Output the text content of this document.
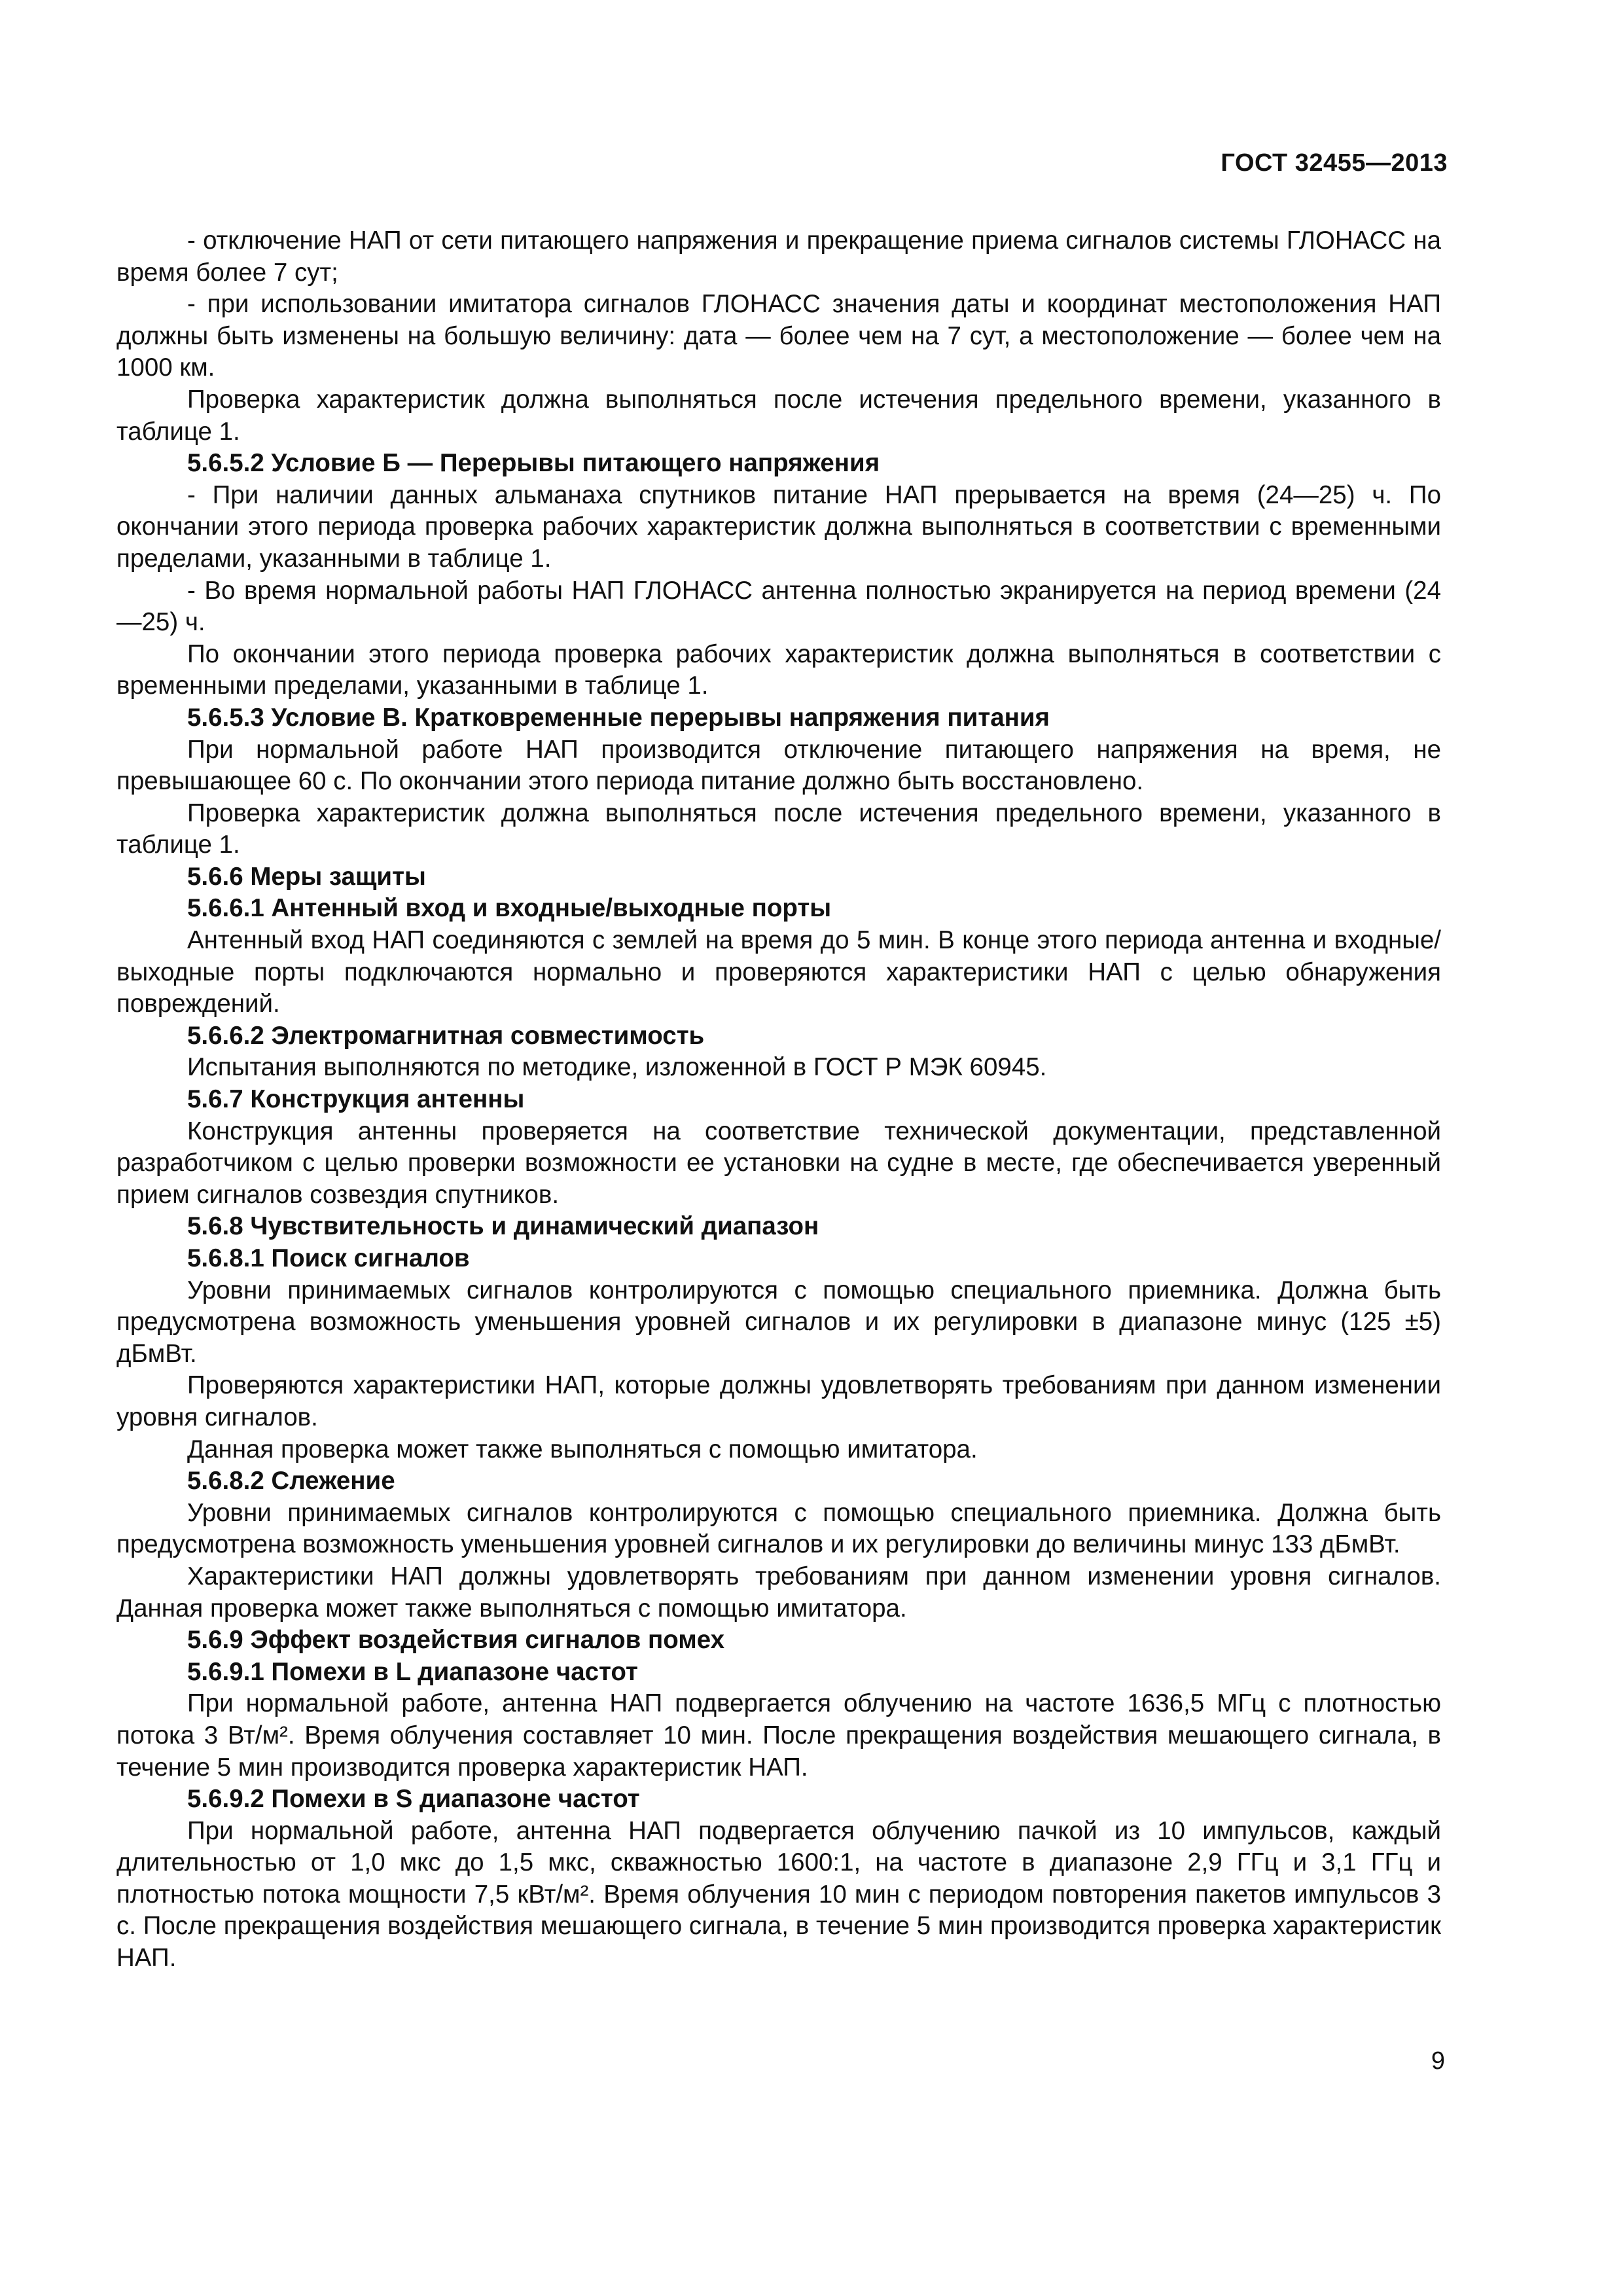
ГОСТ 32455—2013

- отключение НАП от сети питающего напряжения и прекращение приема сигналов системы ГЛОНАСС на время более 7 сут;

- при использовании имитатора сигналов ГЛОНАСС значения даты и координат местоположения НАП должны быть изменены на большую величину: дата — более чем на 7 сут, а местоположение — более чем на 1000 км.

Проверка характеристик должна выполняться после истечения предельного времени, указанного в таблице 1.

5.6.5.2 Условие Б — Перерывы питающего напряжения

- При наличии данных альманаха спутников питание НАП прерывается на время (24—25) ч. По окончании этого периода проверка рабочих характеристик должна выполняться в соответствии с временными пределами, указанными в таблице 1.

- Во время нормальной работы НАП ГЛОНАСС антенна полностью экранируется на период времени (24—25) ч.

По окончании этого периода проверка рабочих характеристик должна выполняться в соответствии с временными пределами, указанными в таблице 1.

5.6.5.3 Условие В. Кратковременные перерывы напряжения питания

При нормальной работе НАП производится отключение питающего напряжения на время, не превышающее 60 с. По окончании этого периода питание должно быть восстановлено.

Проверка характеристик должна выполняться после истечения предельного времени, указанного в таблице 1.

5.6.6 Меры защиты

5.6.6.1 Антенный вход и входные/выходные порты

Антенный вход НАП соединяются с землей на время до 5 мин. В конце этого периода антенна и входные/выходные порты подключаются нормально и проверяются характеристики НАП с целью обнаружения повреждений.

5.6.6.2 Электромагнитная совместимость

Испытания выполняются по методике, изложенной в ГОСТ Р МЭК 60945.

5.6.7 Конструкция антенны

Конструкция антенны проверяется на соответствие технической документации, представленной разработчиком с целью проверки возможности ее установки на судне в месте, где обеспечивается уверенный прием сигналов созвездия спутников.

5.6.8 Чувствительность и динамический диапазон

5.6.8.1 Поиск сигналов

Уровни принимаемых сигналов контролируются с помощью специального приемника. Должна быть предусмотрена возможность уменьшения уровней сигналов и их регулировки в диапазоне минус (125 ±5) дБмВт.

Проверяются характеристики НАП, которые должны удовлетворять требованиям при данном изменении уровня сигналов.

Данная проверка может также выполняться с помощью имитатора.

5.6.8.2 Слежение

Уровни принимаемых сигналов контролируются с помощью специального приемника. Должна быть предусмотрена возможность уменьшения уровней сигналов и их регулировки до величины минус 133 дБмВт.

Характеристики НАП должны удовлетворять требованиям при данном изменении уровня сигналов. Данная проверка может также выполняться с помощью имитатора.

5.6.9 Эффект воздействия сигналов помех

5.6.9.1 Помехи в L диапазоне частот

При нормальной работе, антенна НАП подвергается облучению на частоте 1636,5 МГц с плотностью потока 3 Вт/м². Время облучения составляет 10 мин. После прекращения воздействия мешающего сигнала, в течение 5 мин производится проверка характеристик НАП.

5.6.9.2 Помехи в S диапазоне частот

При нормальной работе, антенна НАП подвергается облучению пачкой из 10 импульсов, каждый длительностью от 1,0 мкс до 1,5 мкс, скважностью 1600:1, на частоте в диапазоне 2,9 ГГц и 3,1 ГГц и плотностью потока мощности 7,5 кВт/м². Время облучения 10 мин с периодом повторения пакетов импульсов 3 с. После прекращения воздействия мешающего сигнала, в течение 5 мин производится проверка характеристик НАП.

9
